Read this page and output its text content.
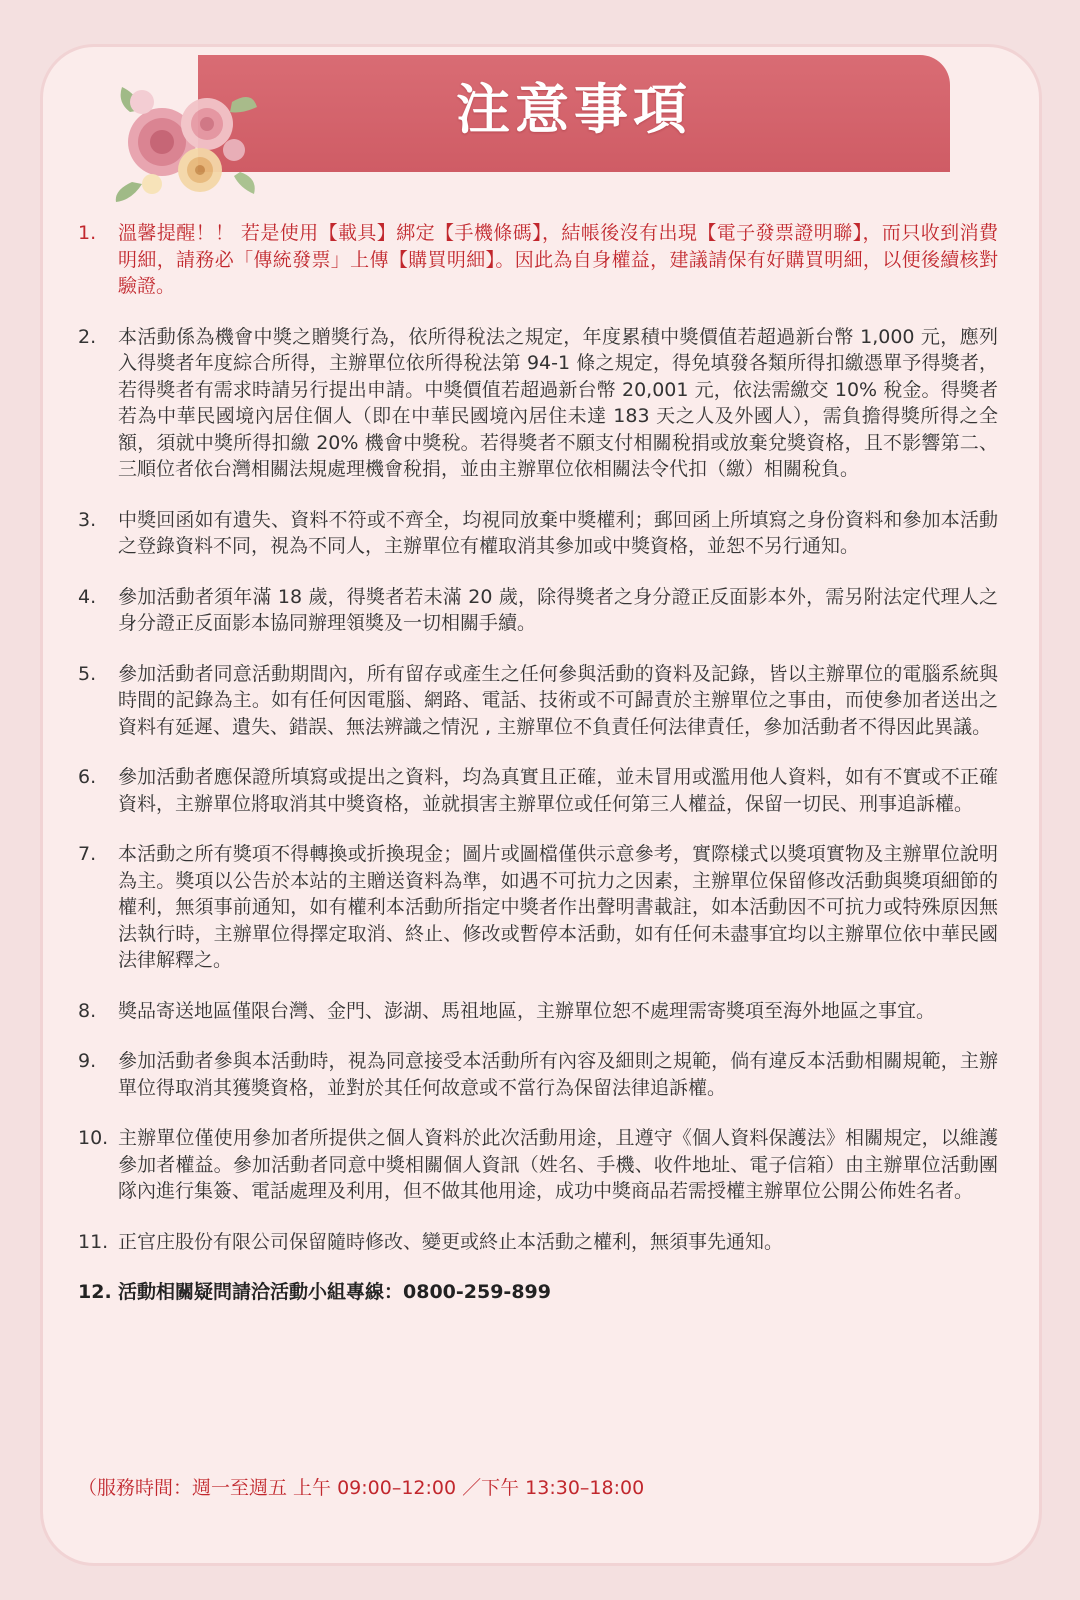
注意事項
1.	溫馨提醒！！ 若是使用【載具】綁定【手機條碼】，結帳後沒有出現【電子發票證明聯】，而只收到消費明細，請務必「傳統發票」上傳【購買明細】。因此為自身權益，建議請保有好購買明細，以便後續核對驗證。
2.	本活動係為機會中獎之贈獎行為，依所得稅法之規定，年度累積中獎價值若超過新台幣 1,000 元，應列入得獎者年度綜合所得，主辦單位依所得稅法第 94-1 條之規定，得免填發各類所得扣繳憑單予得獎者，若得獎者有需求時請另行提出申請。中獎價值若超過新台幣 20,001 元，依法需繳交 10% 稅金。得獎者若為中華民國境內居住個人（即在中華民國境內居住未達 183 天之人及外國人），需負擔得獎所得之全額，須就中獎所得扣繳 20% 機會中獎稅。若得獎者不願支付相關稅捐或放棄兌獎資格，且不影響第二、三順位者依台灣相關法規處理機會稅捐，並由主辦單位依相關法令代扣（繳）相關稅負。
3.	中獎回函如有遺失、資料不符或不齊全，均視同放棄中獎權利；郵回函上所填寫之身份資料和參加本活動之登錄資料不同，視為不同人，主辦單位有權取消其參加或中獎資格，並恕不另行通知。
4.	參加活動者須年滿 18 歲，得獎者若未滿 20 歲，除得獎者之身分證正反面影本外，需另附法定代理人之身分證正反面影本協同辦理領獎及一切相關手續。
5.	參加活動者同意活動期間內，所有留存或產生之任何參與活動的資料及記錄，皆以主辦單位的電腦系統與時間的記錄為主。如有任何因電腦、網路、電話、技術或不可歸責於主辦單位之事由，而使參加者送出之資料有延遲、遺失、錯誤、無法辨識之情況 , 主辦單位不負責任何法律責任，參加活動者不得因此異議。
6.	參加活動者應保證所填寫或提出之資料，均為真實且正確，並未冒用或濫用他人資料，如有不實或不正確資料，主辦單位將取消其中獎資格，並就損害主辦單位或任何第三人權益，保留一切民、刑事追訴權。
7.	本活動之所有獎項不得轉換或折換現金；圖片或圖檔僅供示意參考，實際樣式以獎項實物及主辦單位說明為主。獎項以公告於本站的主贈送資料為準，如遇不可抗力之因素，主辦單位保留修改活動與獎項細節的權利，無須事前通知，如有權利本活動所指定中獎者作出聲明書載註，如本活動因不可抗力或特殊原因無法執行時，主辦單位得擇定取消、終止、修改或暫停本活動，如有任何未盡事宜均以主辦單位依中華民國法律解釋之。
8.	獎品寄送地區僅限台灣、金門、澎湖、馬祖地區，主辦單位恕不處理需寄獎項至海外地區之事宜。
9.	參加活動者參與本活動時，視為同意接受本活動所有內容及細則之規範，倘有違反本活動相關規範，主辦單位得取消其獲獎資格，並對於其任何故意或不當行為保留法律追訴權。
10. 主辦單位僅使用參加者所提供之個人資料於此次活動用途，且遵守《個人資料保護法》相關規定，以維護參加者權益。參加活動者同意中獎相關個人資訊（姓名、手機、收件地址、電子信箱）由主辦單位活動團隊內進行集簽、電話處理及利用，但不做其他用途，成功中獎商品若需授權主辦單位公開公佈姓名者。
11. 正官庄股份有限公司保留隨時修改、變更或終止本活動之權利，無須事先通知。
12. 活動相關疑問請洽活動小組專線：0800-259-899
（服務時間：週一至週五 上午 09:00–12:00 ／下午 13:30–18:00
